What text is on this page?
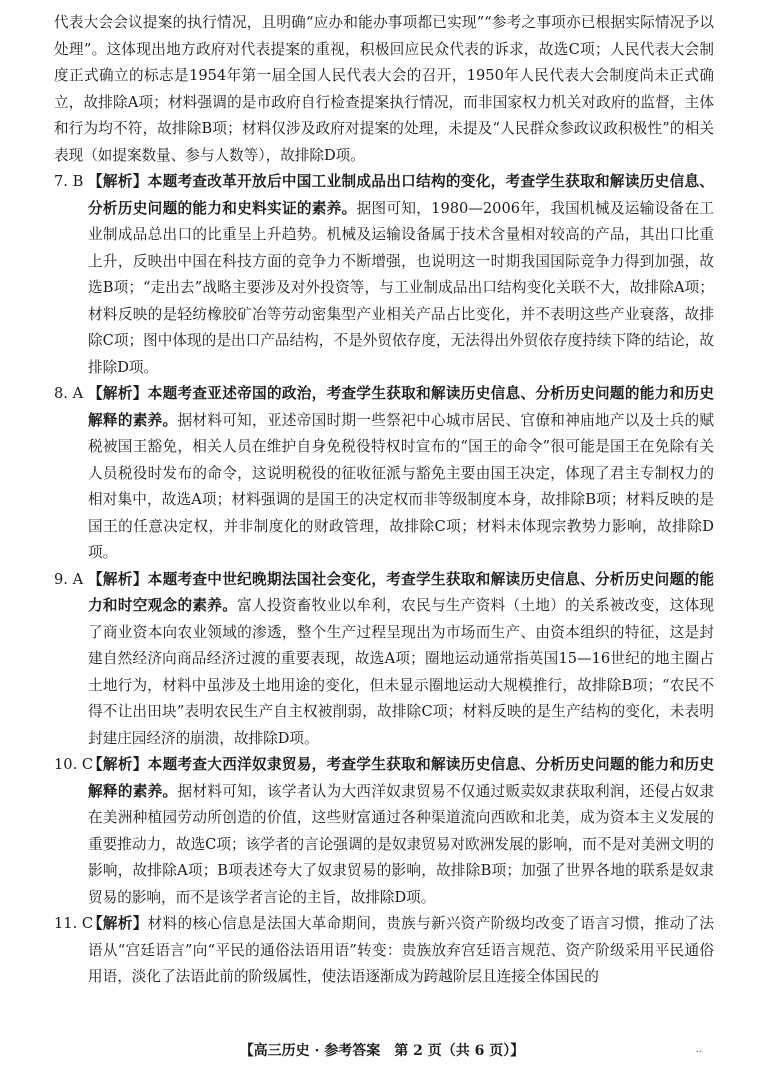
代表大会会议提案的执行情况，且明确“应办和能办事项都已实现”“参考之事项亦已根据实际情况予以处理”。这体现出地方政府对代表提案的重视，积极回应民众代表的诉求，故选C项；人民代表大会制度正式确立的标志是1954年第一届全国人民代表大会的召开，1950年人民代表大会制度尚未正式确立，故排除A项；材料强调的是市政府自行检查提案执行情况，而非国家权力机关对政府的监督，主体和行为均不符，故排除B项；材料仅涉及政府对提案的处理，未提及“人民群众参政议政积极性”的相关表现（如提案数量、参与人数等），故排除D项。

7. B 【解析】本题考查改革开放后中国工业制成品出口结构的变化，考查学生获取和解读历史信息、分析历史问题的能力和史料实证的素养。据图可知，1980—2006年，我国机械及运输设备在工业制成品总出口的比重呈上升趋势。机械及运输设备属于技术含量相对较高的产品，其出口比重上升，反映出中国在科技方面的竞争力不断增强，也说明这一时期我国国际竞争力得到加强，故选B项；“走出去”战略主要涉及对外投资等，与工业制成品出口结构变化关联不大，故排除A项；材料反映的是轻纺橡胶矿冶等劳动密集型产业相关产品占比变化，并不表明这些产业衰落，故排除C项；图中体现的是出口产品结构，不是外贸依存度，无法得出外贸依存度持续下降的结论，故排除D项。
8. A 【解析】本题考查亚述帝国的政治，考查学生获取和解读历史信息、分析历史问题的能力和历史解释的素养。据材料可知，亚述帝国时期一些祭祀中心城市居民、官僚和神庙地产以及士兵的赋税被国王豁免，相关人员在维护自身免税役特权时宣布的“国王的命令”很可能是国王在免除有关人员税役时发布的命令，这说明税役的征收征派与豁免主要由国王决定，体现了君主专制权力的相对集中，故选A项；材料强调的是国王的决定权而非等级制度本身，故排除B项；材料反映的是国王的任意决定权，并非制度化的财政管理，故排除C项；材料未体现宗教势力影响，故排除D项。
9. A 【解析】本题考查中世纪晚期法国社会变化，考查学生获取和解读历史信息、分析历史问题的能力和时空观念的素养。富人投资畜牧业以牟利，农民与生产资料（土地）的关系被改变，这体现了商业资本向农业领域的渗透，整个生产过程呈现出为市场而生产、由资本组织的特征，这是封建自然经济向商品经济过渡的重要表现，故选A项；圈地运动通常指英国15—16世纪的地主圈占土地行为，材料中虽涉及土地用途的变化，但未显示圈地运动大规模推行，故排除B项；“农民不得不让出田块”表明农民生产自主权被削弱，故排除C项；材料反映的是生产结构的变化，未表明封建庄园经济的崩溃，故排除D项。
10. C
【解析】本题考查大西洋奴隶贸易，考查学生获取和解读历史信息、分析历史问题的能力和历史解释的素养。据材料可知，该学者认为大西洋奴隶贸易不仅通过贩卖奴隶获取利润，还侵占奴隶在美洲种植园劳动所创造的价值，这些财富通过各种渠道流向西欧和北美，成为资本主义发展的重要推动力，故选C项；该学者的言论强调的是奴隶贸易对欧洲发展的影响，而不是对美洲文明的影响，故排除A项；B项表述夸大了奴隶贸易的影响，故排除B项；加强了世界各地的联系是奴隶贸易的影响，而不是该学者言论的主旨，故排除D项。
11. C
【解析】材料的核心信息是法国大革命期间，贵族与新兴资产阶级均改变了语言习惯，推动了法语从“宫廷语言”向“平民的通俗法语用语”转变：贵族放弃宫廷语言规范、资产阶级采用平民通俗用语，淡化了法语此前的阶级属性，使法语逐渐成为跨越阶层且连接全体国民的
【高三历史 · 参考答案　第 2 页（共 6 页）】	..
